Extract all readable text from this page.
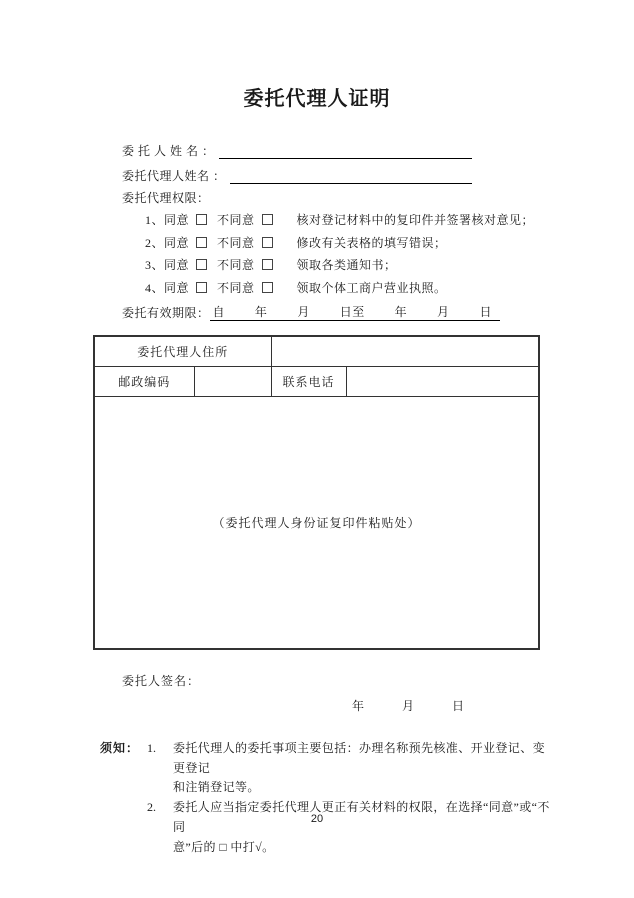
委托代理人证明
委 托 人 姓 名 ：
委托代理人姓名 ：
委托代理权限：
1、同意 不同意	核对登记材料中的复印件并签署核对意见；
2、同意 不同意	修改有关表格的填写错误；
3、同意 不同意	领取各类通知书；
4、同意 不同意	领取个体工商户营业执照。
委托有效期限： 自 年 月 日至 年 月 日
委托代理人住所			
邮政编码		联系电话	
（委托代理人身份证复印件粘贴处）			
委托人签名：
年	月	日
须知： 1.	委托代理人的委托事项主要包括：办理名称预先核准、开业登记、变更登记
和注销登记等。
2.	委托人应当指定委托代理人更正有关材料的权限，在选择“同意”或“不同
意”后的 □ 中打√。
20
